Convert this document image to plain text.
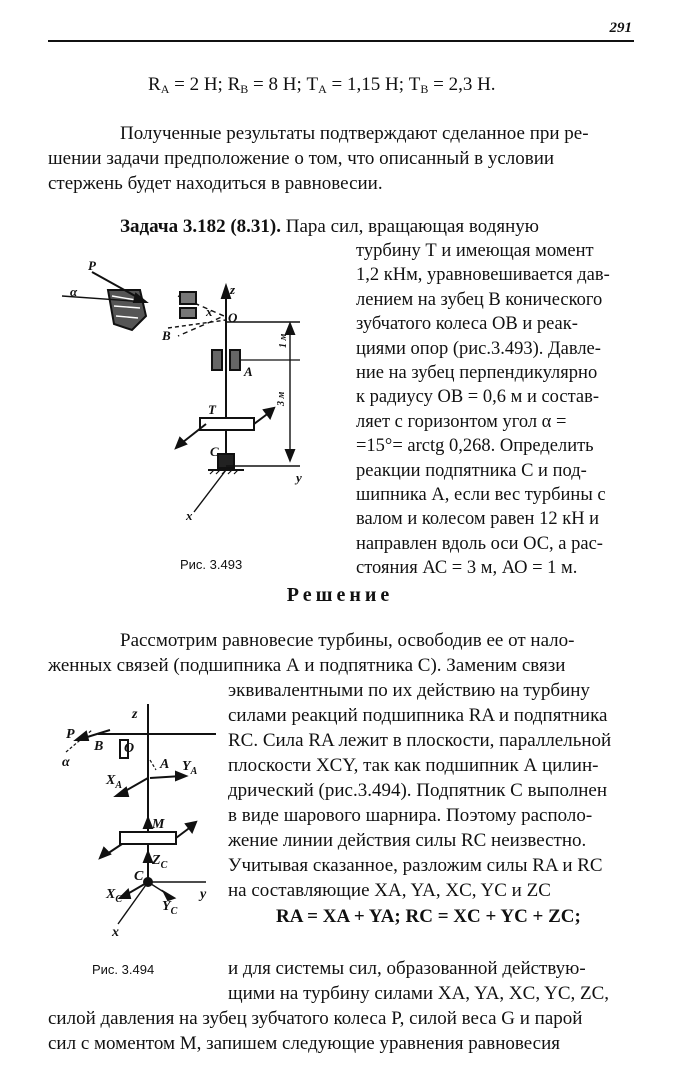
291
$R_A = 2$ Н; $R_B = 8$ Н; $T_A = 1,15$ Н; $T_B = 2,3$ Н.
Полученные результаты подтверждают сделанное при ре-
шении задачи предположение о том, что описанный в условии
стержень будет находиться в равновесии.
Задача 3.182 (8.31). Пара сил, вращающая водяную
турбину Т и имеющая момент
1,2 кНм, уравновешивается дав-
лением на зубец В конического
зубчатого колеса ОВ и реак-
циями опор (рис.3.493). Давле-
ние на зубец перпендикулярно
к радиусу ОВ = 0,6 м и состав-
ляет с горизонтом угол α =
=15°= arctg 0,268. Определить
реакции подпятника С и под-
шипника А, если вес турбины с
валом и колесом равен 12 кН и
направлен вдоль оси ОС, а рас-
стояния АС = 3 м, АО = 1 м.
P
α
B
z
O
x
A
T
C
y
x
1 м
3 м
Рис. 3.493
Решение
Рассмотрим равновесие турбины, освободив ее от нало-
женных связей (подшипника А и подпятника С). Заменим связи
эквивалентными по их действию на турбину
силами реакций подшипника RA и подпятника
RC. Сила RA лежит в плоскости, параллельной
плоскости XCY, так как подшипник А цилин-
дрический (рис.3.494). Подпятник С выполнен
в виде шарового шарнира. Поэтому располо-
жение линии действия силы RC неизвестно.
Учитывая сказанное, разложим силы RA и RC
на составляющие XA, YA, XC, YC и ZC
RA = XA + YA; RC = XC + YC + ZC;
и для системы сил, образованной действую-
щими на турбину силами XA, YA, XC, YC, ZC,
силой давления на зубец зубчатого колеса P, силой веса G и парой
сил с моментом M, запишем следующие уравнения равновесия
z
P
B
α
O
$X_A$
A $Y_A$
M
$Z_C$
C
$X_C$	$Y_C$
y
x
Рис. 3.494
